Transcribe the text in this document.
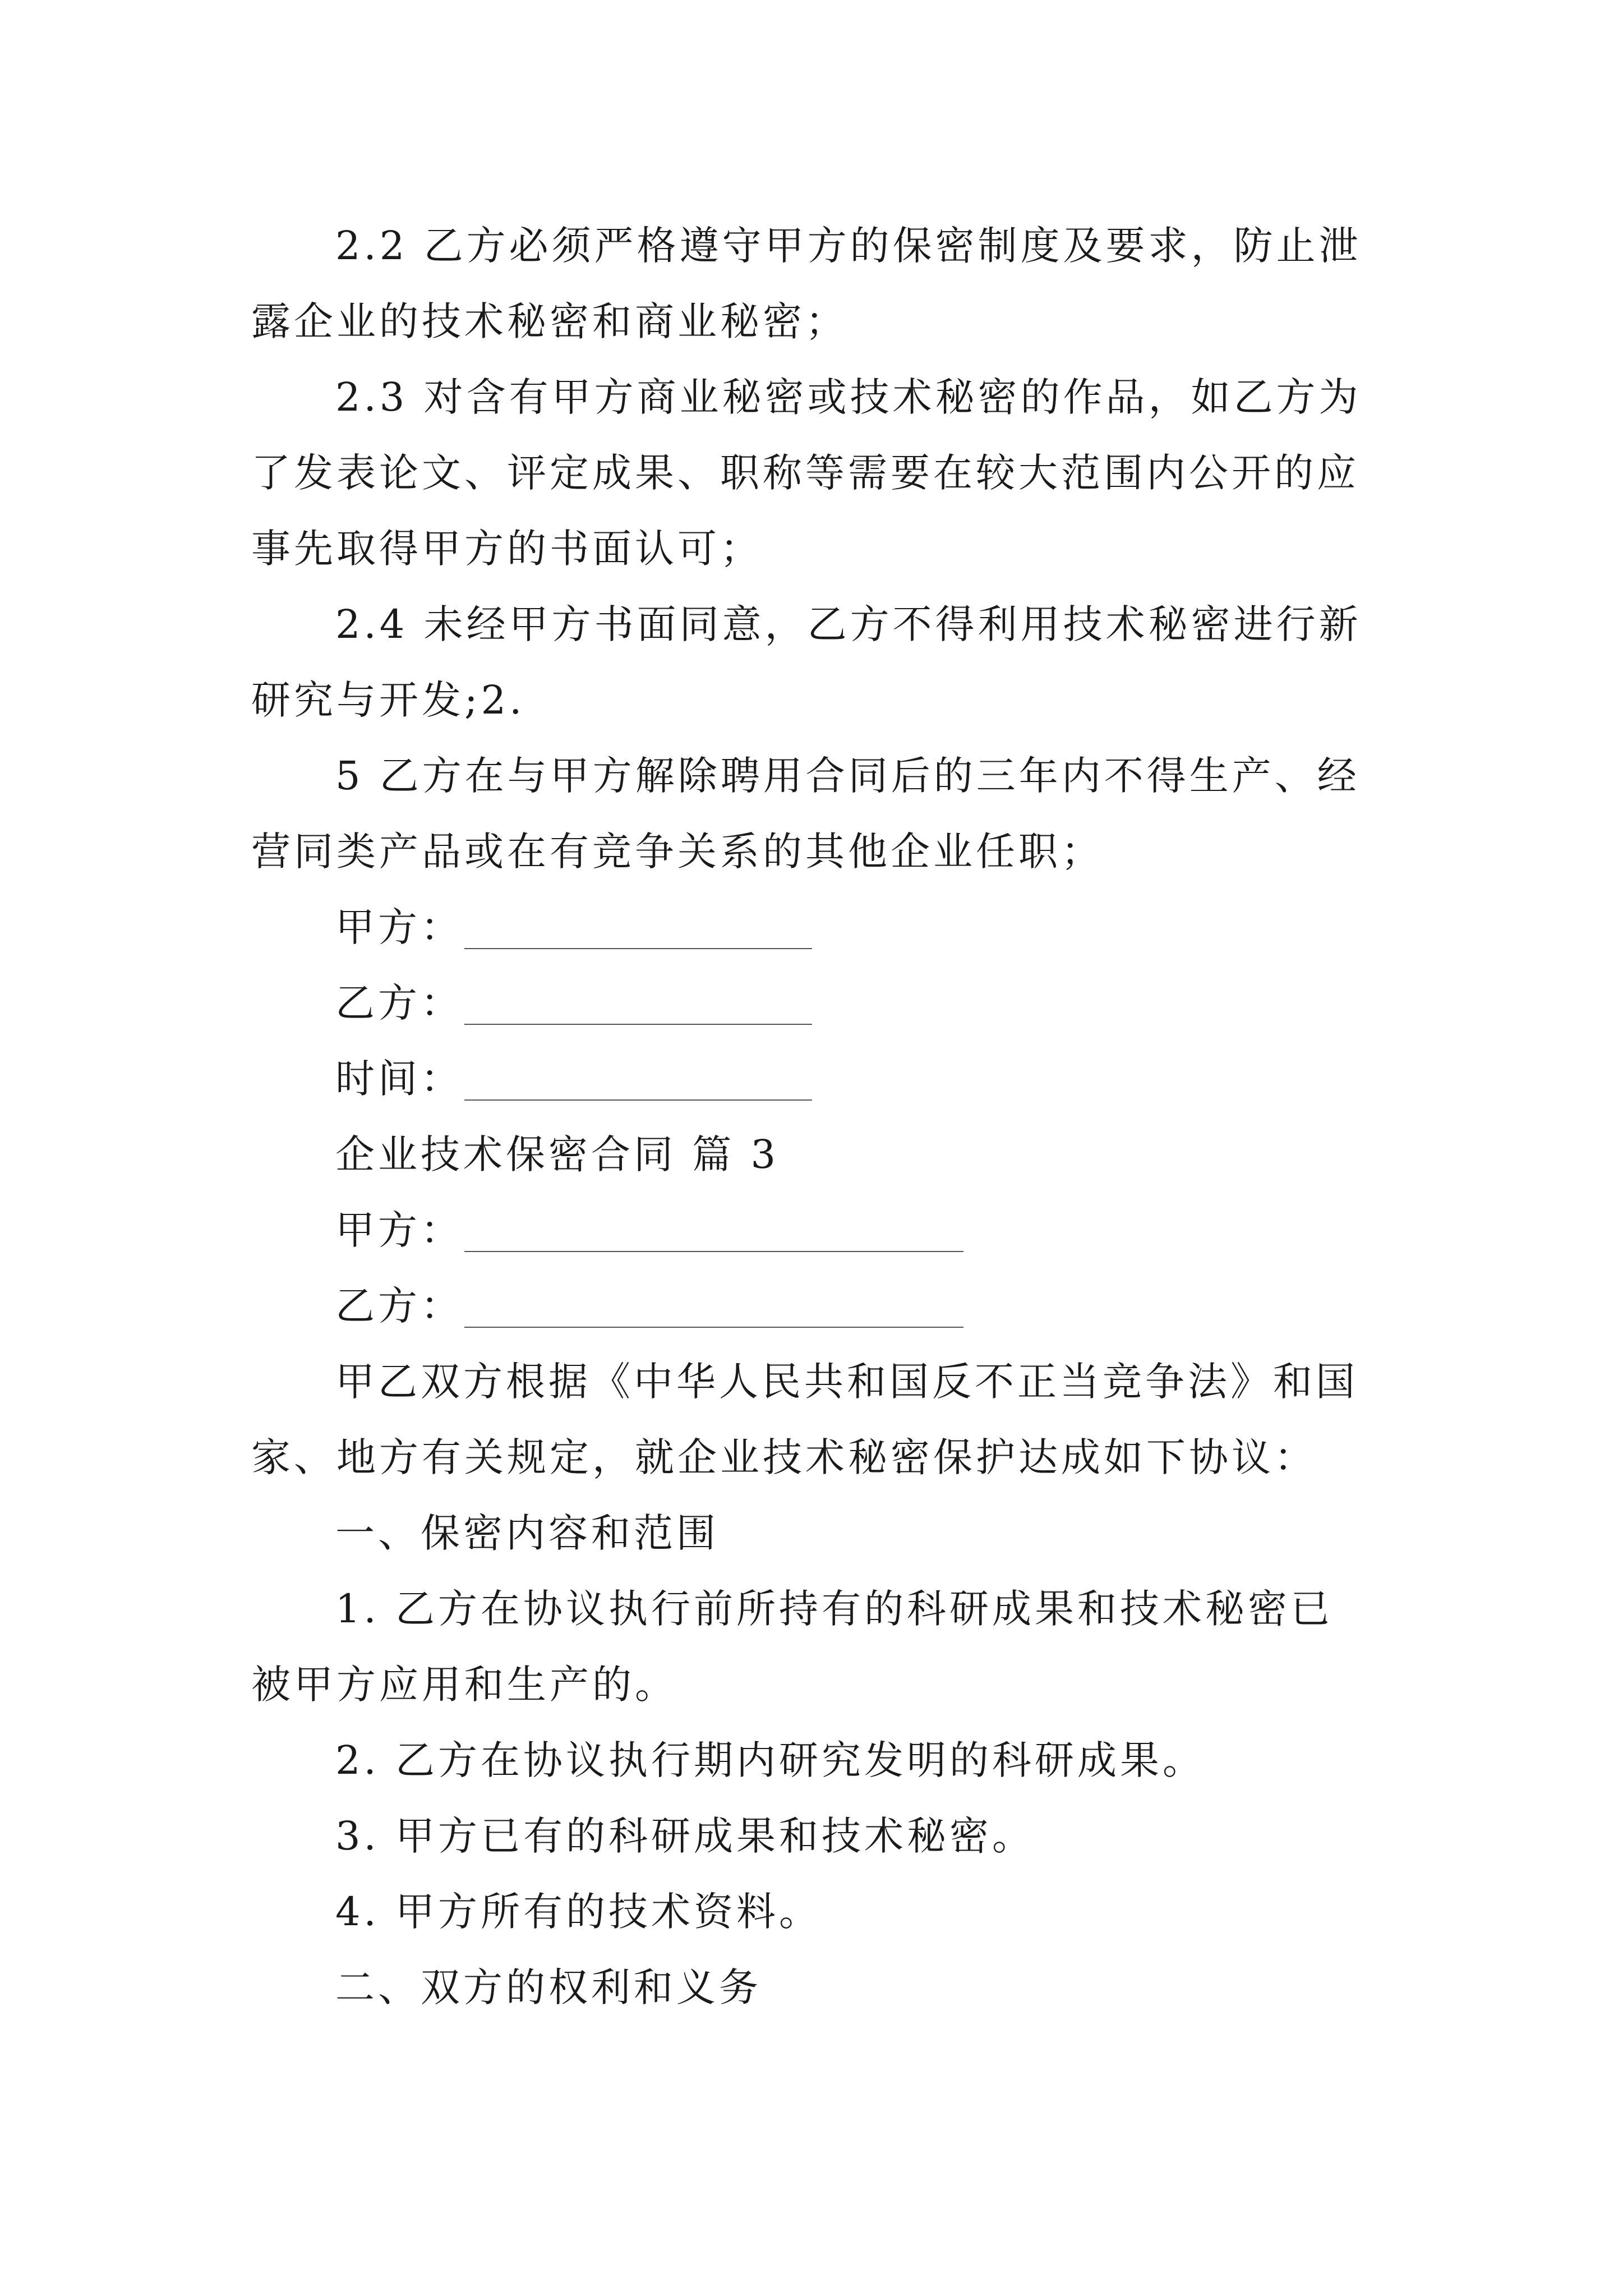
2.2 乙方必须严格遵守甲方的保密制度及要求，防止泄
露企业的技术秘密和商业秘密；
2.3 对含有甲方商业秘密或技术秘密的作品，如乙方为
了发表论文、评定成果、职称等需要在较大范围内公开的应
事先取得甲方的书面认可；
2.4 未经甲方书面同意，乙方不得利用技术秘密进行新
研究与开发;2.
5 乙方在与甲方解除聘用合同后的三年内不得生产、经
营同类产品或在有竞争关系的其他企业任职；
甲方：
乙方：
时间：
企业技术保密合同 篇 3
甲方：
乙方：
甲乙双方根据《中华人民共和国反不正当竞争法》和国
家、地方有关规定，就企业技术秘密保护达成如下协议：
一、保密内容和范围
1. 乙方在协议执行前所持有的科研成果和技术秘密已
被甲方应用和生产的。
2. 乙方在协议执行期内研究发明的科研成果。
3. 甲方已有的科研成果和技术秘密。
4. 甲方所有的技术资料。
二、双方的权利和义务
